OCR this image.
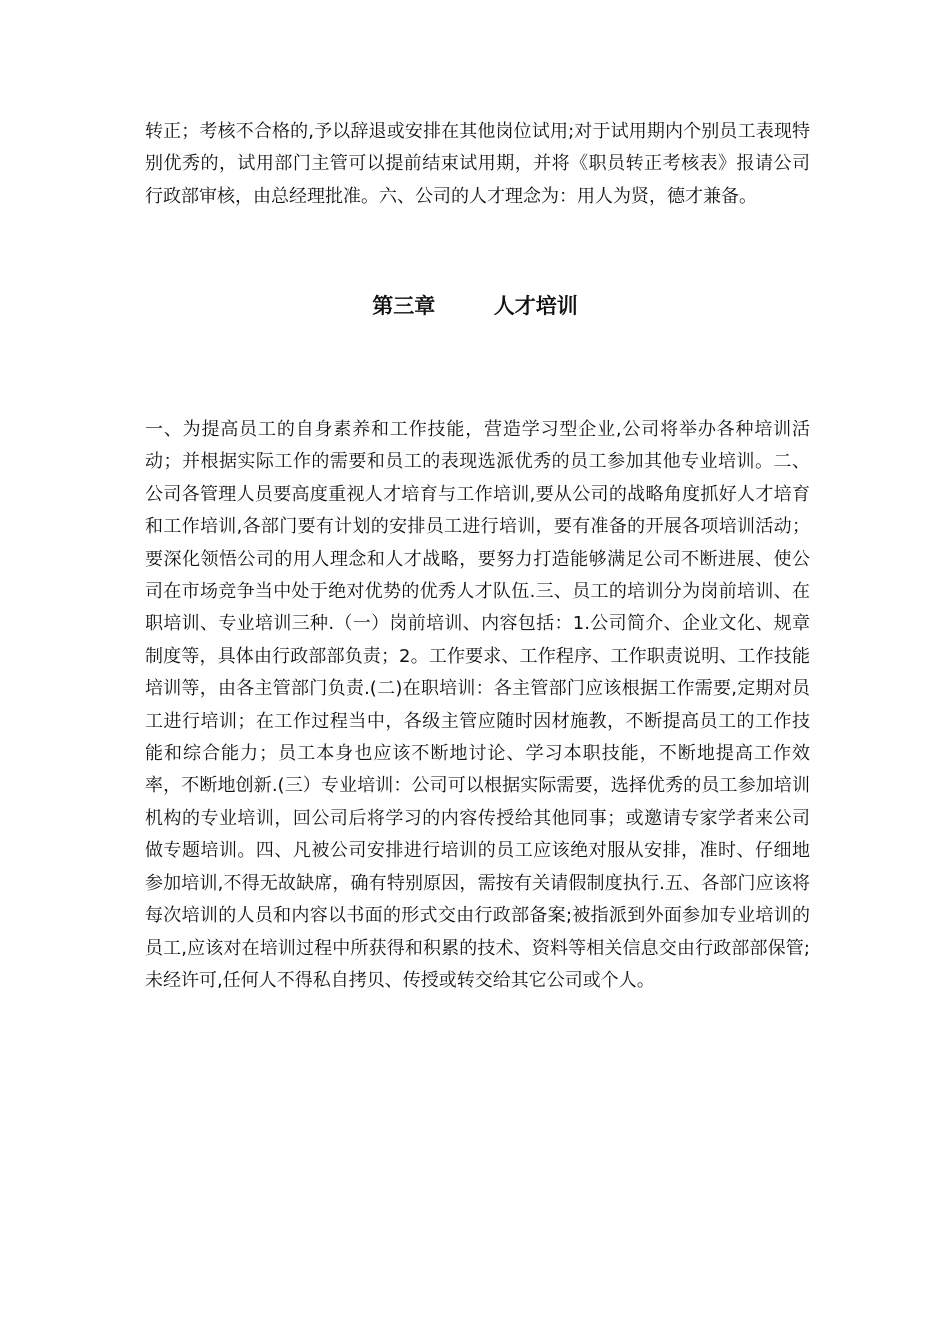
转正；考核不合格的,予以辞退或安排在其他岗位试用;对于试用期内个别员工表现特别优秀的，试用部门主管可以提前结束试用期，并将《职员转正考核表》报请公司行政部审核，由总经理批准。六、公司的人才理念为：用人为贤，德才兼备。

第三章        人才培训

一、为提高员工的自身素养和工作技能，营造学习型企业,公司将举办各种培训活动；并根据实际工作的需要和员工的表现选派优秀的员工参加其他专业培训。二、公司各管理人员要高度重视人才培育与工作培训,要从公司的战略角度抓好人才培育和工作培训,各部门要有计划的安排员工进行培训，要有准备的开展各项培训活动；要深化领悟公司的用人理念和人才战略，要努力打造能够满足公司不断进展、使公司在市场竞争当中处于绝对优势的优秀人才队伍.三、员工的培训分为岗前培训、在职培训、专业培训三种.（一）岗前培训、内容包括：1.公司简介、企业文化、规章制度等，具体由行政部部负责；2。工作要求、工作程序、工作职责说明、工作技能培训等，由各主管部门负责.(二)在职培训：各主管部门应该根据工作需要,定期对员工进行培训；在工作过程当中，各级主管应随时因材施教，不断提高员工的工作技能和综合能力；员工本身也应该不断地讨论、学习本职技能，不断地提高工作效率，不断地创新.(三）专业培训：公司可以根据实际需要，选择优秀的员工参加培训机构的专业培训，回公司后将学习的内容传授给其他同事；或邀请专家学者来公司做专题培训。四、凡被公司安排进行培训的员工应该绝对服从安排，准时、仔细地参加培训,不得无故缺席，确有特别原因，需按有关请假制度执行.五、各部门应该将每次培训的人员和内容以书面的形式交由行政部备案;被指派到外面参加专业培训的员工,应该对在培训过程中所获得和积累的技术、资料等相关信息交由行政部部保管;未经许可,任何人不得私自拷贝、传授或转交给其它公司或个人。
